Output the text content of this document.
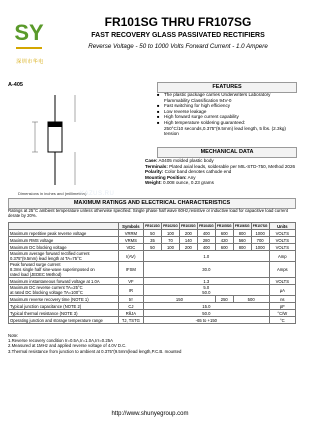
SY
深圳市华电
FR101SG THRU FR107SG
FAST RECOVERY GLASS PASSIVATED RECTIFIERS
Reverse Voltage - 50 to 1000 Volts Forward Current - 1.0 Ampere
A-405
Dimensions in inches and (millimeters)
FEATURES
■ The plastic package carries Underwriters Laboratory Flammability Classification 94V-0
■ Fast switching for high efficiency
■ Low reverse leakage
■ High forward surge current capability
■ High temperature soldering guaranteed:
250°C/10 seconds,0.375"(9.5mm) lead length, 5 lbs. (2.3kg) tension
MECHANICAL DATA
Case: A0405 molded plastic body
Terminals: Plated axial leads, solderable per MIL-STD-750, Method 2026
Polarity: Color band denotes cathode end
Mounting Position: Any
Weight: 0.008 ounce, 0.23 grams
KAZUS.RU
MAXIMUM RATINGS AND ELECTRICAL CHARACTERISTICS
Ratings at 25°C ambient temperature unless otherwise specified. Single phase half wave 60Hz,resistive or inductive load for capacitive load current derate by 20%.
	Symbols	FR101SG	FR102SG	FR103SG	FR104SG	FR105SG	FR106SG	FR107SG	Units
Maximum repetitive peak reverse voltage	VRRM	50	100	200	400	600	800	1000	VOLTS
Maximum RMS voltage	VRMS	35	70	140	280	420	560	700	VOLTS
Maximum DC blocking voltage	VDC	50	100	200	400	600	800	1000	VOLTS
Maximum average forward rectified current
0.375"(9.5mm) lead length at TA=75°C	I(AV)	1.0							Amp
Peak forward surge current
8.3ms single half sine-wave superimposed on
rated load (JEDEC Method)	IFSM	30.0							Amps
Maximum instantaneous forward voltage at 1.0A	VF	1.3							VOLTS
Maximum DC reverse current TA=25°C
at rated DC blocking voltage TA=100°C	IR	5.0
50.0							μA
Maximum reverse recovery time (NOTE 1)	trr	150				250	500		ns
Typical junction capacitance (NOTE 2)	CJ	15.0							pF
Typical thermal resistance (NOTE 3)	RθJA	50.0							°C/W
Operating junction and storage temperature range	TJ, TSTG	-65 to +150							°C
Note:
1.Reverse recovery condition Ir=0.5A,Ir=1.0A,Irr=0.25A
2.Measured at 1MHz and applied reverse voltage of 4.0V D.C.
3.Thermal resistance from junction to ambient at 0.375"(9.5mm)lead length,P.C.B. mounted
http://www.shunyegroup.com
